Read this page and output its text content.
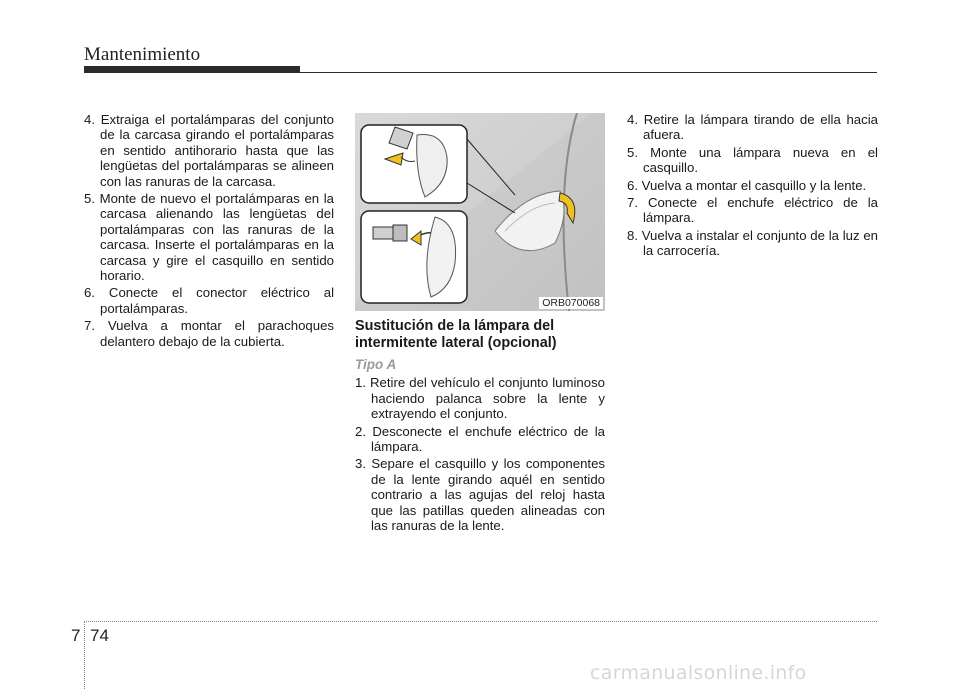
Mantenimiento
4. Extraiga el portalámparas del conjunto de la carcasa girando el portalámparas en sentido antihorario hasta que las lengüetas del portalámparas se alineen con las ranuras de la carcasa.
5. Monte de nuevo el portalámparas en la carcasa alienando las lengüetas del portalámparas con las ranuras de la carcasa. Inserte el portalámparas en la carcasa y gire el casquillo en sentido horario.
6. Conecte el conector eléctrico al portalámparas.
7. Vuelva a montar el parachoques delantero debajo de la cubierta.
ORB070068
Sustitución de la lámpara del intermitente lateral (opcional)
Tipo A
1. Retire del vehículo el conjunto luminoso haciendo palanca sobre la lente y extrayendo el conjunto.
2. Desconecte el enchufe eléctrico de la lámpara.
3. Separe el casquillo y los componentes de la lente girando aquél en sentido contrario a las agujas del reloj hasta que las patillas queden alineadas con las ranuras de la lente.
4. Retire la lámpara tirando de ella hacia afuera.
5. Monte una lámpara nueva en el casquillo.
6. Vuelva a montar el casquillo y la lente.
7. Conecte el enchufe eléctrico de la lámpara.
8. Vuelva a instalar el conjunto de la luz en la carrocería.
7 74
carmanualsonline.info
